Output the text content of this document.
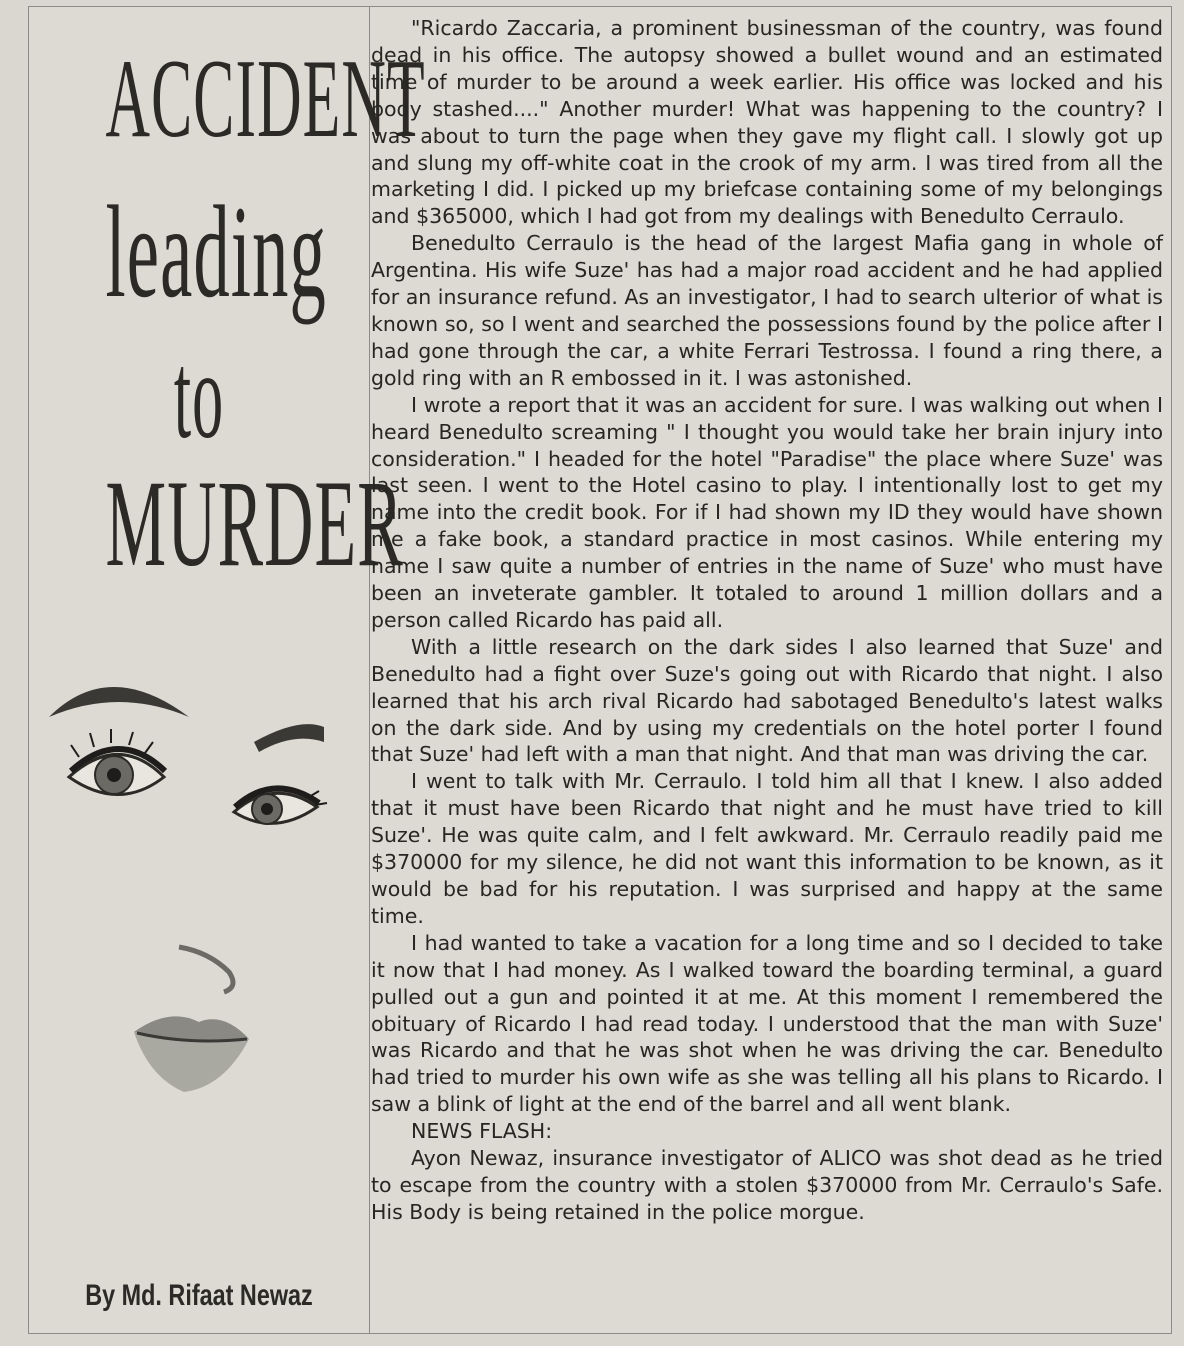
ACCIDENT
leading
to
MURDER
By Md. Rifaat Newaz

"Ricardo Zaccaria, a prominent businessman of the country, was found dead in his office. The autopsy showed a bullet wound and an estimated time of murder to be around a week earlier. His office was locked and his body stashed...." Another murder! What was happening to the country? I was about to turn the page when they gave my flight call. I slowly got up and slung my off-white coat in the crook of my arm. I was tired from all the marketing I did. I picked up my briefcase containing some of my belongings and $365000, which I had got from my dealings with Benedulto Cerraulo.

Benedulto Cerraulo is the head of the largest Mafia gang in whole of Argentina. His wife Suze' has had a major road accident and he had applied for an insurance refund. As an investigator, I had to search ulterior of what is known so, so I went and searched the possessions found by the police after I had gone through the car, a white Ferrari Testrossa. I found a ring there, a gold ring with an R embossed in it. I was astonished.

I wrote a report that it was an accident for sure. I was walking out when I heard Benedulto screaming " I thought you would take her brain injury into consideration." I headed for the hotel "Paradise" the place where Suze' was last seen. I went to the Hotel casino to play. I intentionally lost to get my name into the credit book. For if I had shown my ID they would have shown me a fake book, a standard practice in most casinos. While entering my name I saw quite a number of entries in the name of Suze' who must have been an inveterate gambler. It totaled to around 1 million dollars and a person called Ricardo has paid all.

With a little research on the dark sides I also learned that Suze' and Benedulto had a fight over Suze's going out with Ricardo that night. I also learned that his arch rival Ricardo had sabotaged Benedulto's latest walks on the dark side. And by using my credentials on the hotel porter I found that Suze' had left with a man that night. And that man was driving the car.

I went to talk with Mr. Cerraulo. I told him all that I knew. I also added that it must have been Ricardo that night and he must have tried to kill Suze'. He was quite calm, and I felt awkward. Mr. Cerraulo readily paid me $370000 for my silence, he did not want this information to be known, as it would be bad for his reputation. I was surprised and happy at the same time.

I had wanted to take a vacation for a long time and so I decided to take it now that I had money. As I walked toward the boarding terminal, a guard pulled out a gun and pointed it at me. At this moment I remembered the obituary of Ricardo I had read today. I understood that the man with Suze' was Ricardo and that he was shot when he was driving the car. Benedulto had tried to murder his own wife as she was telling all his plans to Ricardo. I saw a blink of light at the end of the barrel and all went blank.

NEWS FLASH:

Ayon Newaz, insurance investigator of ALICO was shot dead as he tried to escape from the country with a stolen $370000 from Mr. Cerraulo's Safe. His Body is being retained in the police morgue.
